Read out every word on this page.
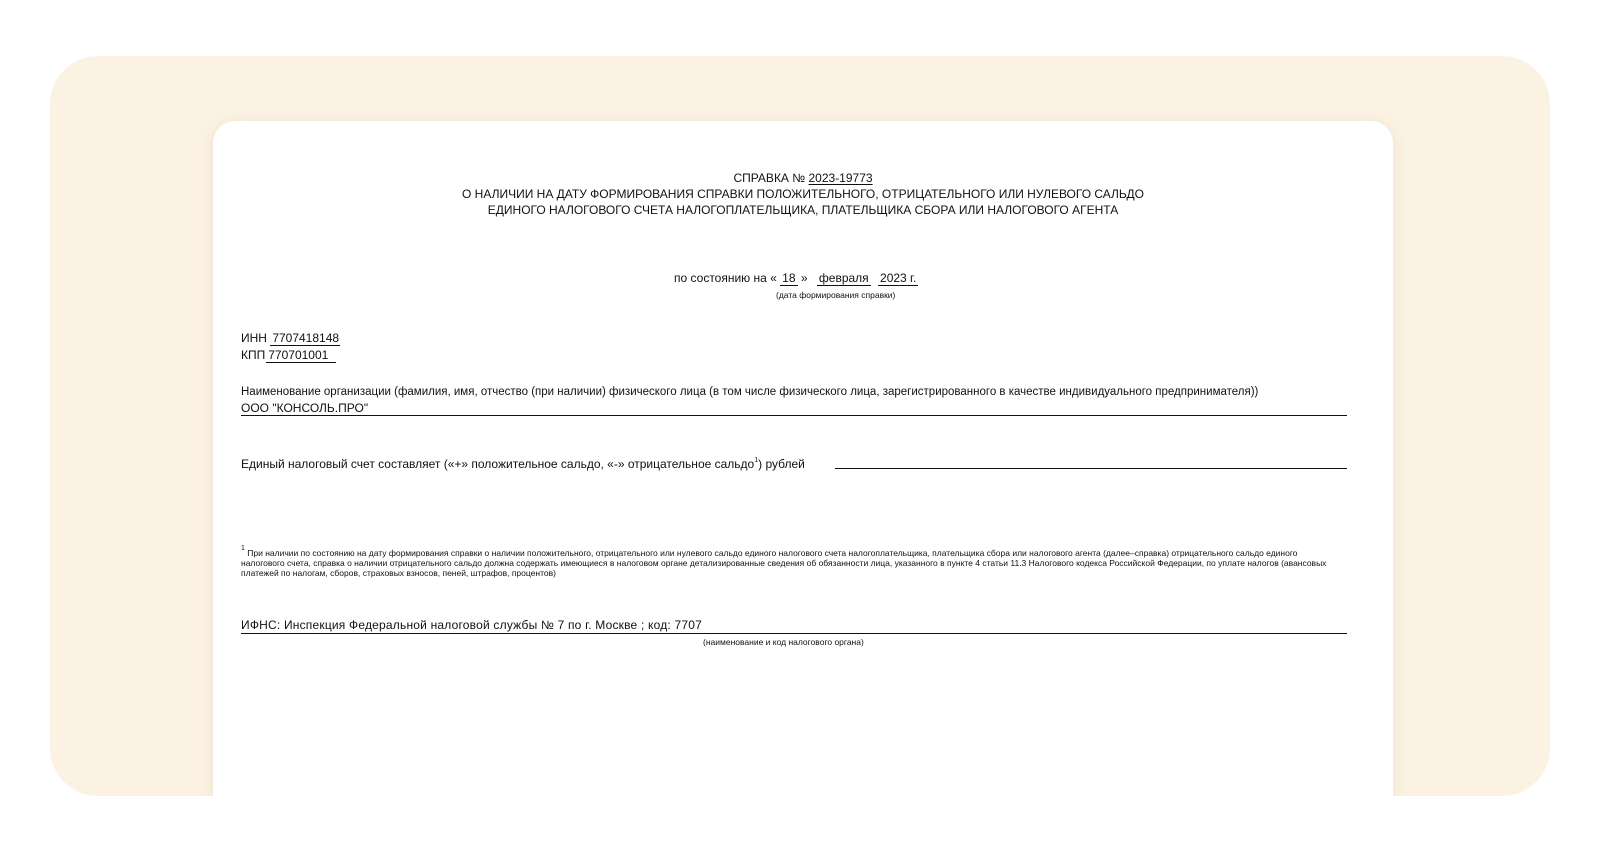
СПРАВКА № 2023-19773
О НАЛИЧИИ НА ДАТУ ФОРМИРОВАНИЯ СПРАВКИ ПОЛОЖИТЕЛЬНОГО, ОТРИЦАТЕЛЬНОГО ИЛИ НУЛЕВОГО САЛЬДО
ЕДИНОГО НАЛОГОВОГО СЧЕТА НАЛОГОПЛАТЕЛЬЩИКА, ПЛАТЕЛЬЩИКА СБОРА ИЛИ НАЛОГОВОГО АГЕНТА
по состоянию на « 18 » февраля 2023 г.
(дата формирования справки)
ИНН 7707418148
КПП 770701001
Наименование организации (фамилия, имя, отчество (при наличии) физического лица (в том числе физического лица, зарегистрированного в качестве индивидуального предпринимателя))
ООО "КОНСОЛЬ.ПРО"
Единый налоговый счет составляет («+» положительное сальдо, «-» отрицательное сальдо$^1$) рублей
$^1$ При наличии по состоянию на дату формирования справки о наличии положительного, отрицательного или нулевого сальдо единого налогового счета налогоплательщика, плательщика сбора или налогового агента (далее–справка) отрицательного сальдо единого налогового счета, справка о наличии отрицательного сальдо должна содержать имеющиеся в налоговом органе детализированные сведения об обязанности лица, указанного в пункте 4 статьи 11.3 Налогового кодекса Российской Федерации, по уплате налогов (авансовых платежей по налогам, сборов, страховых взносов, пеней, штрафов, процентов)
ИФНС: Инспекция Федеральной налоговой службы № 7 по г. Москве ; код: 7707
(наименование и код налогового органа)
